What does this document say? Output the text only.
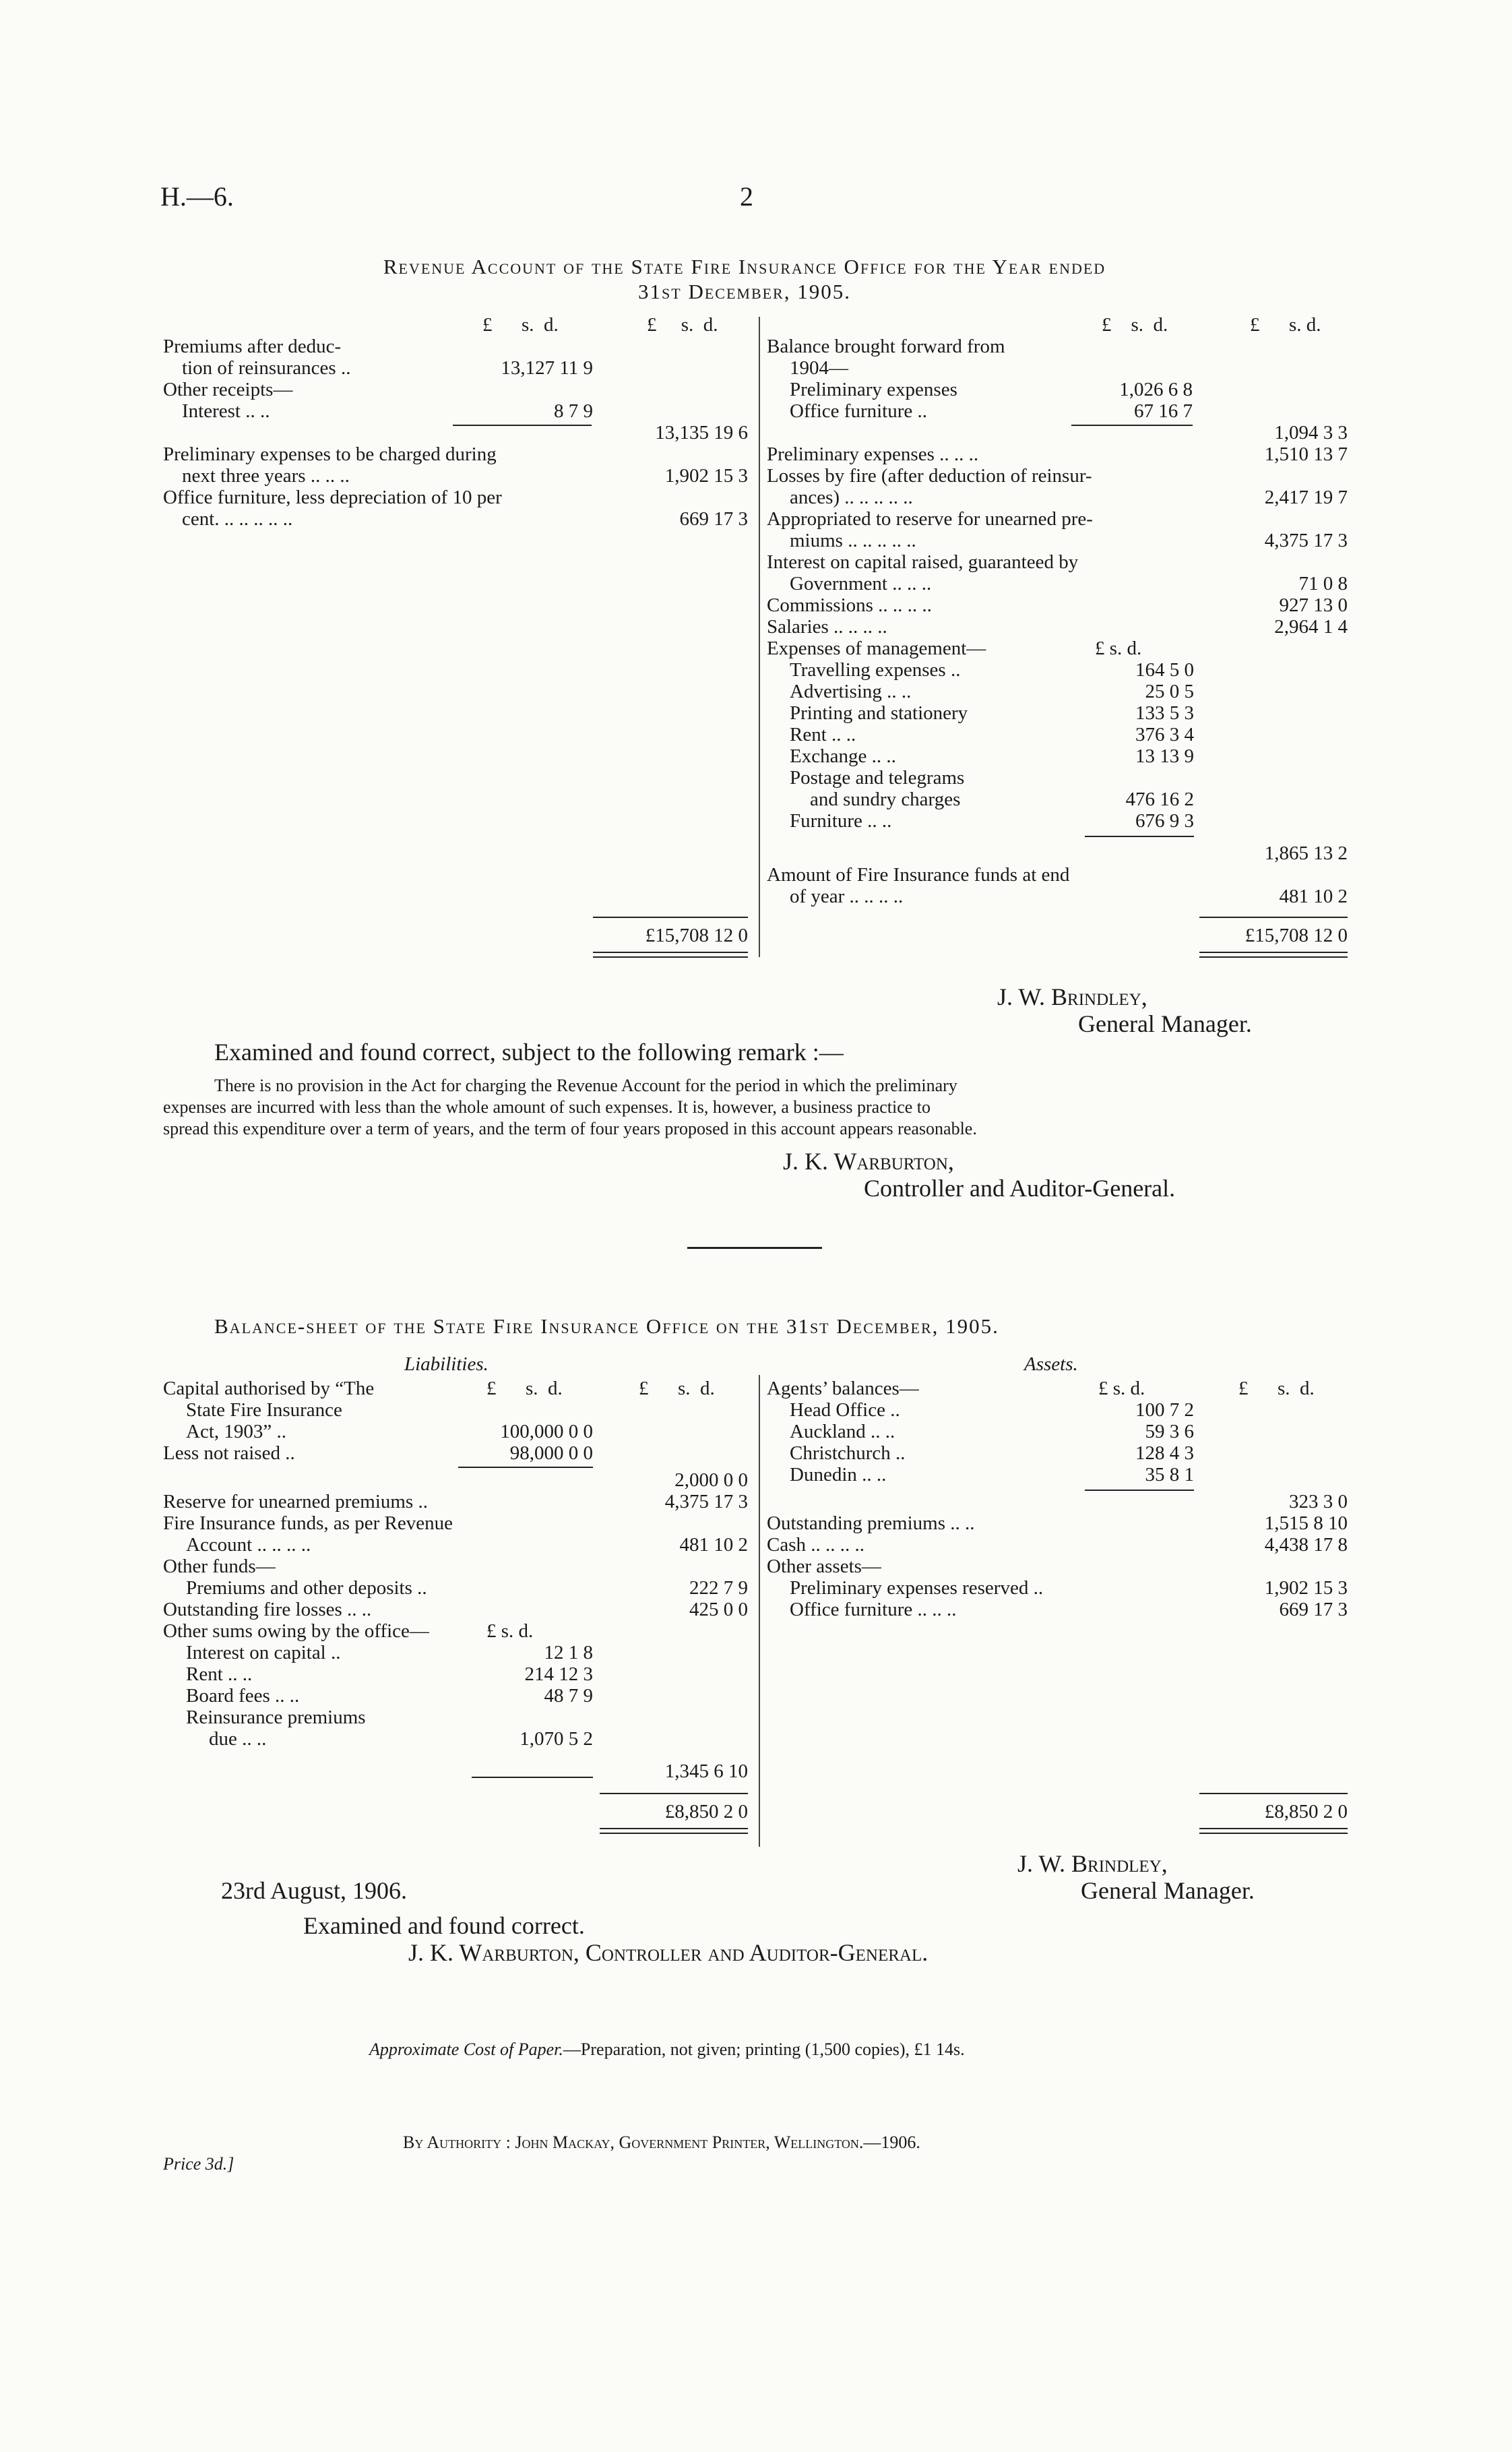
H.—6.	2
Revenue Account of the State Fire Insurance Office for the Year ended
31st December, 1905.
£ s. d.	£ s. d.	£ s. d.	£ s. d.
Premiums after deduc-
tion of reinsurances ..	13,127 11 9
Other receipts—
Interest .. ..	8 7 9
13,135 19 6
Preliminary expenses to be charged during
next three years .. .. ..	1,902 15 3
Office furniture, less depreciation of 10 per
cent. .. .. .. .. ..	669 17 3
£15,708 12 0
Balance brought forward from
1904—
Preliminary expenses	1,026 6 8
Office furniture ..	67 16 7
1,094 3 3
Preliminary expenses .. .. ..	1,510 13 7
Losses by fire (after deduction of reinsur-
ances) .. .. .. .. ..	2,417 19 7
Appropriated to reserve for unearned pre-
miums .. .. .. .. ..	4,375 17 3
Interest on capital raised, guaranteed by
Government .. .. ..	71 0 8
Commissions .. .. .. ..	927 13 0
Salaries .. .. .. ..	2,964 1 4
Expenses of management—	£ s. d.
Travelling expenses ..	164 5 0
Advertising .. ..	25 0 5
Printing and stationery	133 5 3
Rent .. ..	376 3 4
Exchange .. ..	13 13 9
Postage and telegrams
and sundry charges	476 16 2
Furniture .. ..	676 9 3
1,865 13 2
Amount of Fire Insurance funds at end
of year .. .. .. ..	481 10 2
£15,708 12 0
J. W. Brindley,
General Manager.
Examined and found correct, subject to the following remark :—
There is no provision in the Act for charging the Revenue Account for the period in which the preliminary
expenses are incurred with less than the whole amount of such expenses. It is, however, a business practice to
spread this expenditure over a term of years, and the term of four years proposed in this account appears reasonable.
J. K. Warburton,
Controller and Auditor-General.
Balance-sheet of the State Fire Insurance Office on the 31st December, 1905.
Liabilities.	Assets.
£ s. d.	£ s. d.	£ s. d.
Capital authorised by “The
State Fire Insurance
Act, 1903” ..	100,000 0 0
Less not raised ..	98,000 0 0
2,000 0 0
Reserve for unearned premiums ..	4,375 17 3
Fire Insurance funds, as per Revenue
Account .. .. .. ..	481 10 2
Other funds—
Premiums and other deposits ..	222 7 9
Outstanding fire losses .. ..	425 0 0
Other sums owing by the office—	£ s. d.
Interest on capital ..	12 1 8
Rent .. ..	214 12 3
Board fees .. ..	48 7 9
Reinsurance premiums
due .. ..	1,070 5 2
1,345 6 10
£8,850 2 0
Agents’ balances—	£ s. d.
Head Office ..	100 7 2
Auckland .. ..	59 3 6
Christchurch ..	128 4 3
Dunedin .. ..	35 8 1
323 3 0
Outstanding premiums .. ..	1,515 8 10
Cash .. .. .. ..	4,438 17 8
Other assets—
Preliminary expenses reserved ..	1,902 15 3
Office furniture .. .. ..	669 17 3
£8,850 2 0
J. W. Brindley,
General Manager.
23rd August, 1906.
Examined and found correct.
J. K. Warburton, Controller and Auditor-General.
Approximate Cost of Paper.—Preparation, not given; printing (1,500 copies), £1 14s.
By Authority : John Mackay, Government Printer, Wellington.—1906.
Price 3d.]
